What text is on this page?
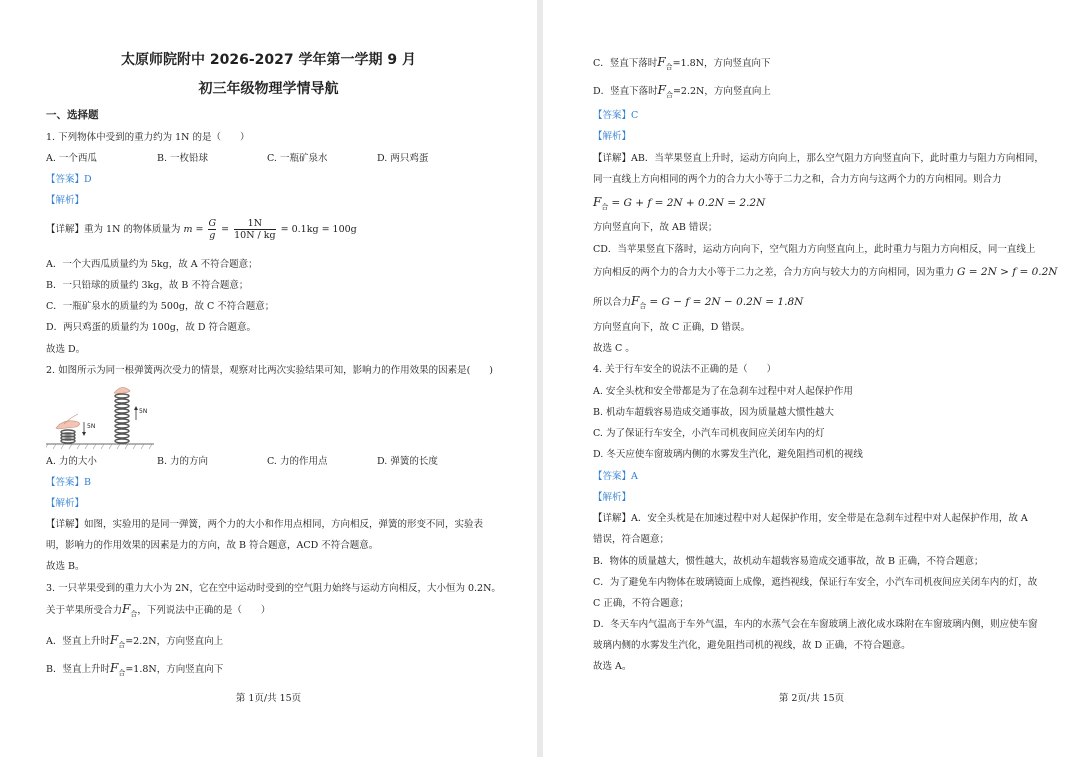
太原师院附中 2026-2027 学年第一学期 9 月
初三年级物理学情导航
一、选择题
1. 下列物体中受到的重力约为 1N 的是（　　）
A. 一个西瓜	B. 一枚铅球	C. 一瓶矿泉水	D. 两只鸡蛋
【答案】D
【解析】
【详解】重为 1N 的物体质量为 $m = \frac{G}{g} = \frac{1N}{10N / kg} = 0.1kg = 100g$
A．一个大西瓜质量约为 5kg，故 A 不符合题意；
B．一只铅球的质量约 3kg，故 B 不符合题意；
C．一瓶矿泉水的质量约为 500g，故 C 不符合题意；
D．两只鸡蛋的质量约为 100g，故 D 符合题意。
故选 D。
2. 如图所示为同一根弹簧两次受力的情景，观察对比两次实验结果可知，影响力的作用效果的因素是(　　)
5N
5N
A. 力的大小	B. 力的方向	C. 力的作用点	D. 弹簧的长度
【答案】B
【解析】
【详解】如图，实验用的是同一弹簧，两个力的大小和作用点相同，方向相反，弹簧的形变不同，实验表
明，影响力的作用效果的因素是力的方向，故 B 符合题意，ACD 不符合题意。
故选 B。
3. 一只苹果受到的重力大小为 2N，它在空中运动时受到的空气阻力始终与运动方向相反，大小恒为 0.2N。
关于苹果所受合力$F_合$，下列说法中正确的是（　　）
A．竖直上升时$F_合=2.2N$，方向竖直向上
B．竖直上升时$F_合=1.8N$，方向竖直向下
第 1页/共 15页
C．竖直下落时$F_合=1.8N$，方向竖直向下
D．竖直下落时$F_合=2.2N$，方向竖直向上
【答案】C
【解析】
【详解】AB．当苹果竖直上升时，运动方向向上，那么空气阻力方向竖直向下，此时重力与阻力方向相同，
同一直线上方向相同的两个力的合力大小等于二力之和，合力方向与这两个力的方向相同。则合力
$F_合 = G + f = 2N + 0.2N = 2.2N$
方向竖直向下，故 AB 错误；
CD．当苹果竖直下落时，运动方向向下，空气阻力方向竖直向上，此时重力与阻力方向相反，同一直线上
方向相反的两个力的合力大小等于二力之差，合力方向与较大力的方向相同，因为重力 G = 2N > f = 0.2N
所以合力$F_合 = G - f = 2N - 0.2N = 1.8N$
方向竖直向下，故 C 正确，D 错误。
故选 C 。
4. 关于行车安全的说法不正确的是（　　）
A. 安全头枕和安全带都是为了在急刹车过程中对人起保护作用
B. 机动车超载容易造成交通事故，因为质量越大惯性越大
C. 为了保证行车安全，小汽车司机夜间应关闭车内的灯
D. 冬天应使车窗玻璃内侧的水雾发生汽化，避免阻挡司机的视线
【答案】A
【解析】
【详解】A．安全头枕是在加速过程中对人起保护作用，安全带是在急刹车过程中对人起保护作用，故 A
错误，符合题意；
B．物体的质量越大，惯性越大，故机动车超载容易造成交通事故，故 B 正确，不符合题意；
C．为了避免车内物体在玻璃镜面上成像，遮挡视线，保证行车安全，小汽车司机夜间应关闭车内的灯，故
C 正确，不符合题意；
D．冬天车内气温高于车外气温，车内的水蒸气会在车窗玻璃上液化成水珠附在车窗玻璃内侧，则应使车窗
玻璃内侧的水雾发生汽化，避免阻挡司机的视线，故 D 正确，不符合题意。
故选 A。
第 2页/共 15页
